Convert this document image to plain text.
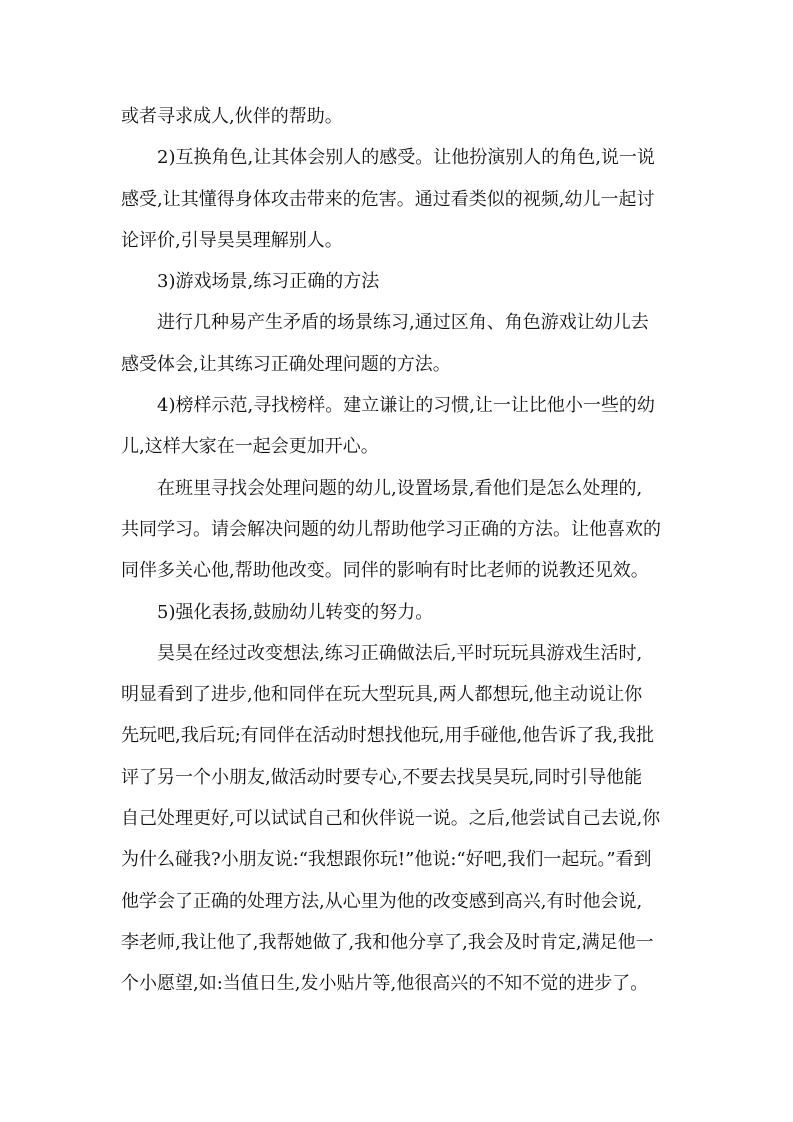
或者寻求成人,伙伴的帮助。
2)互换角色,让其体会别人的感受。让他扮演别人的角色,说一说
感受,让其懂得身体攻击带来的危害。通过看类似的视频,幼儿一起讨
论评价,引导昊昊理解别人。
3)游戏场景,练习正确的方法
进行几种易产生矛盾的场景练习,通过区角、角色游戏让幼儿去
感受体会,让其练习正确处理问题的方法。
4)榜样示范,寻找榜样。建立谦让的习惯,让一让比他小一些的幼
儿,这样大家在一起会更加开心。
在班里寻找会处理问题的幼儿,设置场景,看他们是怎么处理的,
共同学习。请会解决问题的幼儿帮助他学习正确的方法。让他喜欢的
同伴多关心他,帮助他改变。同伴的影响有时比老师的说教还见效。
5)强化表扬,鼓励幼儿转变的努力。
昊昊在经过改变想法,练习正确做法后,平时玩玩具游戏生活时,
明显看到了进步,他和同伴在玩大型玩具,两人都想玩,他主动说让你
先玩吧,我后玩;有同伴在活动时想找他玩,用手碰他,他告诉了我,我批
评了另一个小朋友,做活动时要专心,不要去找昊昊玩,同时引导他能
自己处理更好,可以试试自己和伙伴说一说。之后,他尝试自己去说,你
为什么碰我?小朋友说:“我想跟你玩!”他说:“好吧,我们一起玩。”看到
他学会了正确的处理方法,从心里为他的改变感到高兴,有时他会说,
李老师,我让他了,我帮她做了,我和他分享了,我会及时肯定,满足他一
个小愿望,如:当值日生,发小贴片等,他很高兴的不知不觉的进步了。
